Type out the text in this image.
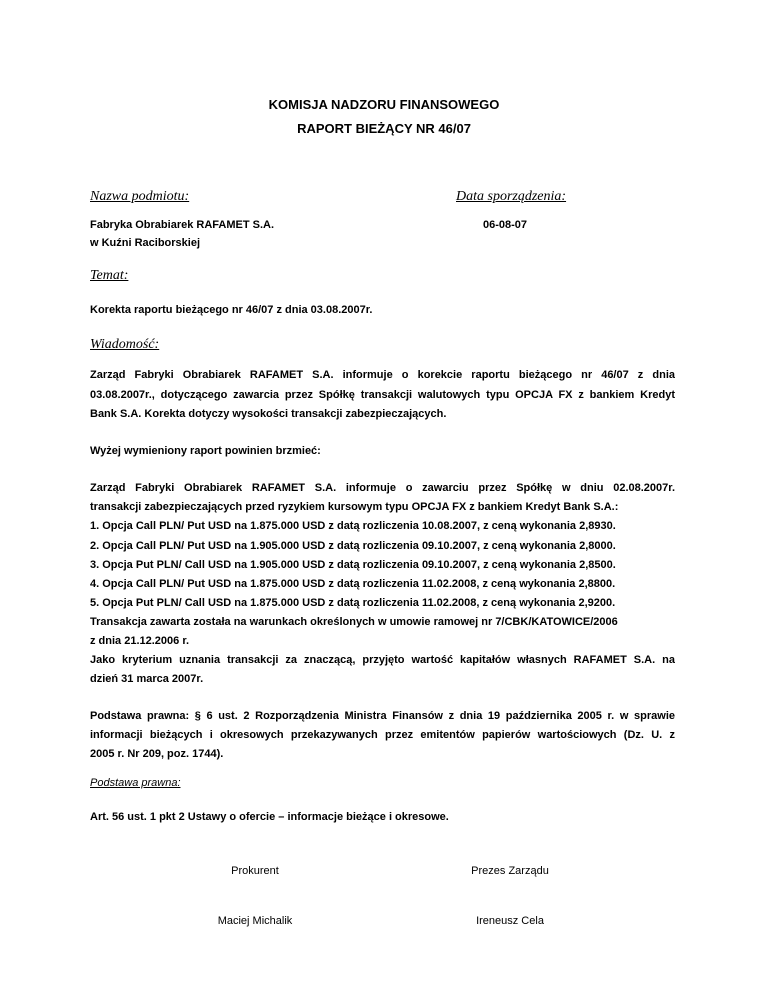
KOMISJA NADZORU FINANSOWEGO
RAPORT BIEŻĄCY NR 46/07
Nazwa podmiotu:	Data sporządzenia:
Fabryka Obrabiarek RAFAMET S.A.	06-08-07
w Kuźni Raciborskiej
Temat:
Korekta raportu bieżącego nr 46/07 z dnia 03.08.2007r.
Wiadomość:
Zarząd Fabryki Obrabiarek RAFAMET S.A. informuje o korekcie raportu bieżącego nr 46/07 z dnia
03.08.2007r., dotyczącego zawarcia przez Spółkę transakcji walutowych typu OPCJA FX z bankiem Kredyt
Bank S.A. Korekta dotyczy wysokości transakcji zabezpieczających.
Wyżej wymieniony raport powinien brzmieć:
Zarząd Fabryki Obrabiarek RAFAMET S.A. informuje o zawarciu przez Spółkę w dniu 02.08.2007r.
transakcji zabezpieczających przed ryzykiem kursowym typu OPCJA FX z bankiem Kredyt Bank S.A.:
1. Opcja Call PLN/ Put USD na 1.875.000 USD z datą rozliczenia 10.08.2007, z ceną wykonania 2,8930.
2. Opcja Call PLN/ Put USD na 1.905.000 USD z datą rozliczenia 09.10.2007, z ceną wykonania 2,8000.
3. Opcja Put PLN/ Call USD na 1.905.000 USD z datą rozliczenia 09.10.2007, z ceną wykonania 2,8500.
4. Opcja Call PLN/ Put USD na 1.875.000 USD z datą rozliczenia 11.02.2008, z ceną wykonania 2,8800.
5. Opcja Put PLN/ Call USD na 1.875.000 USD z datą rozliczenia 11.02.2008, z ceną wykonania 2,9200.
Transakcja zawarta została na warunkach określonych w umowie ramowej nr 7/CBK/KATOWICE/2006
z dnia 21.12.2006 r.
Jako kryterium uznania transakcji za znaczącą, przyjęto wartość kapitałów własnych RAFAMET S.A. na
dzień 31 marca 2007r.
Podstawa prawna: § 6 ust. 2 Rozporządzenia Ministra Finansów z dnia 19 października 2005 r. w sprawie
informacji bieżących i okresowych przekazywanych przez emitentów papierów wartościowych (Dz. U. z
2005 r. Nr 209, poz. 1744).
Podstawa prawna:
Art. 56 ust. 1 pkt 2 Ustawy o ofercie – informacje bieżące i okresowe.
Prokurent	Prezes Zarządu
Maciej Michalik	Ireneusz Cela
